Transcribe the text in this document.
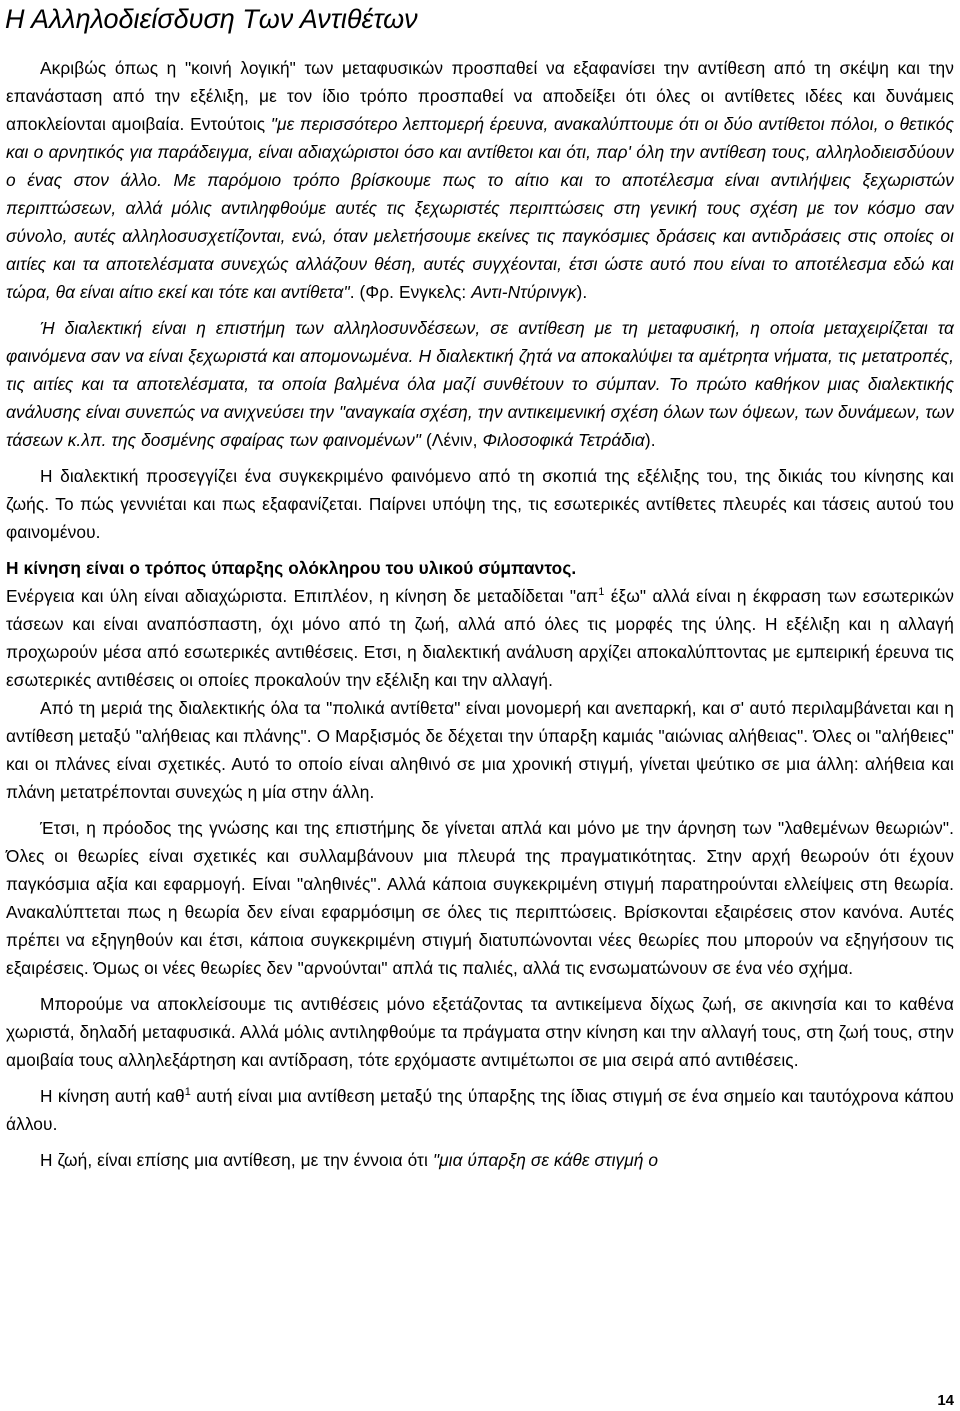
Η Αλληλοδιείσδυση Των Αντιθέτων

Ακριβώς όπως η "κοινή λογική" των μεταφυσικών προσπαθεί να εξαφανίσει την αντίθεση από τη σκέψη και την επανάσταση από την εξέλιξη, με τον ίδιο τρόπο προσπαθεί να αποδείξει ότι όλες οι αντίθετες ιδέες και δυνάμεις αποκλείονται αμοιβαία. Εντούτοις "με περισσότερο λεπτομερή έρευνα, ανακαλύπτουμε ότι οι δύο αντίθετοι πόλοι, ο θετικός και ο αρνητικός για παράδειγμα, είναι αδιαχώριστοι όσο και αντίθετοι και ότι, παρ' όλη την αντίθεση τους, αλληλοδιεισδύουν ο ένας στον άλλο. Με παρόμοιο τρόπο βρίσκουμε πως το αίτιο και το αποτέλεσμα είναι αντιλήψεις ξεχωριστών περιπτώσεων, αλλά μόλις αντιληφθούμε αυτές τις ξεχωριστές περιπτώσεις στη γενική τους σχέση με τον κόσμο σαν σύνολο, αυτές αλληλοσυσχετίζονται, ενώ, όταν μελετήσουμε εκείνες τις παγκόσμιες δράσεις και αντιδράσεις στις οποίες οι αιτίες και τα αποτελέσματα συνεχώς αλλάζουν θέση, αυτές συγχέονται, έτσι ώστε αυτό που είναι το αποτέλεσμα εδώ και τώρα, θα είναι αίτιο εκεί και τότε και αντίθετα". (Φρ. Ενγκελς: Αντι-Ντύρινγκ).

Ή διαλεκτική είναι η επιστήμη των αλληλοσυνδέσεων, σε αντίθεση με τη μεταφυσική, η οποία μεταχειρίζεται τα φαινόμενα σαν να είναι ξεχωριστά και απομονωμένα. Η διαλεκτική ζητά να αποκαλύψει τα αμέτρητα νήματα, τις μετατροπές, τις αιτίες και τα αποτελέσματα, τα οποία βαλμένα όλα μαζί συνθέτουν το σύμπαν. Το πρώτο καθήκον μιας διαλεκτικής ανάλυσης είναι συνεπώς να ανιχνεύσει την "αναγκαία σχέση, την αντικειμενική σχέση όλων των όψεων, των δυνάμεων, των τάσεων κ.λπ. της δοσμένης σφαίρας των φαινομένων" (Λένιν, Φιλοσοφικά Τετράδια).

Η διαλεκτική προσεγγίζει ένα συγκεκριμένο φαινόμενο από τη σκοπιά της εξέλιξης του, της δικιάς του κίνησης και ζωής. Το πώς γεννιέται και πως εξαφανίζεται. Παίρνει υπόψη της, τις εσωτερικές αντίθετες πλευρές και τάσεις αυτού του φαινομένου.

Η κίνηση είναι ο τρόπος ύπαρξης ολόκληρου του υλικού σύμπαντος.

Ενέργεια και ύλη είναι αδιαχώριστα. Επιπλέον, η κίνηση δε μεταδίδεται "$\alpha\pi^1$ έξω" αλλά είναι η έκφραση των εσωτερικών τάσεων και είναι αναπόσπαστη, όχι μόνο από τη ζωή, αλλά από όλες τις μορφές της ύλης. Η εξέλιξη και η αλλαγή προχωρούν μέσα από εσωτερικές αντιθέσεις. Ετσι, η διαλεκτική ανάλυση αρχίζει αποκαλύπτοντας με εμπειρική έρευνα τις εσωτερικές αντιθέσεις οι οποίες προκαλούν την εξέλιξη και την αλλαγή.

Από τη μεριά της διαλεκτικής όλα τα "πολικά αντίθετα" είναι μονομερή και ανεπαρκή, και σ' αυτό περιλαμβάνεται και η αντίθεση μεταξύ "αλήθειας και πλάνης". Ο Μαρξισμός δε δέχεται την ύπαρξη καμιάς "αιώνιας αλήθειας". Όλες οι "αλήθειες" και οι πλάνες είναι σχετικές. Αυτό το οποίο είναι αληθινό σε μια χρονική στιγμή, γίνεται ψεύτικο σε μια άλλη: αλήθεια και πλάνη μετατρέπονται συνεχώς η μία στην άλλη.

Έτσι, η πρόοδος της γνώσης και της επιστήμης δε γίνεται απλά και μόνο με την άρνηση των "λαθεμένων θεωριών". Όλες οι θεωρίες είναι σχετικές και συλλαμβάνουν μια πλευρά της πραγματικότητας. Στην αρχή θεωρούν ότι έχουν παγκόσμια αξία και εφαρμογή. Είναι "αληθινές". Αλλά κάποια συγκεκριμένη στιγμή παρατηρούνται ελλείψεις στη θεωρία. Ανακαλύπτεται πως η θεωρία δεν είναι εφαρμόσιμη σε όλες τις περιπτώσεις. Βρίσκονται εξαιρέσεις στον κανόνα. Αυτές πρέπει να εξηγηθούν και έτσι, κάποια συγκεκριμένη στιγμή διατυπώνονται νέες θεωρίες που μπορούν να εξηγήσουν τις εξαιρέσεις. Όμως οι νέες θεωρίες δεν "αρνούνται" απλά τις παλιές, αλλά τις ενσωματώνουν σε ένα νέο σχήμα.

Μπορούμε να αποκλείσουμε τις αντιθέσεις μόνο εξετάζοντας τα αντικείμενα δίχως ζωή, σε ακινησία και το καθένα χωριστά, δηλαδή μεταφυσικά. Αλλά μόλις αντιληφθούμε τα πράγματα στην κίνηση και την αλλαγή τους, στη ζωή τους, στην αμοιβαία τους αλληλεξάρτηση και αντίδραση, τότε ερχόμαστε αντιμέτωποι σε μια σειρά από αντιθέσεις.

Η κίνηση αυτή καθ$^1$ αυτή είναι μια αντίθεση μεταξύ της ύπαρξης της ίδιας στιγμή σε ένα σημείο και ταυτόχρονα κάπου άλλου.

Η ζωή, είναι επίσης μια αντίθεση, με την έννοια ότι "μια ύπαρξη σε κάθε στιγμή ο

14
